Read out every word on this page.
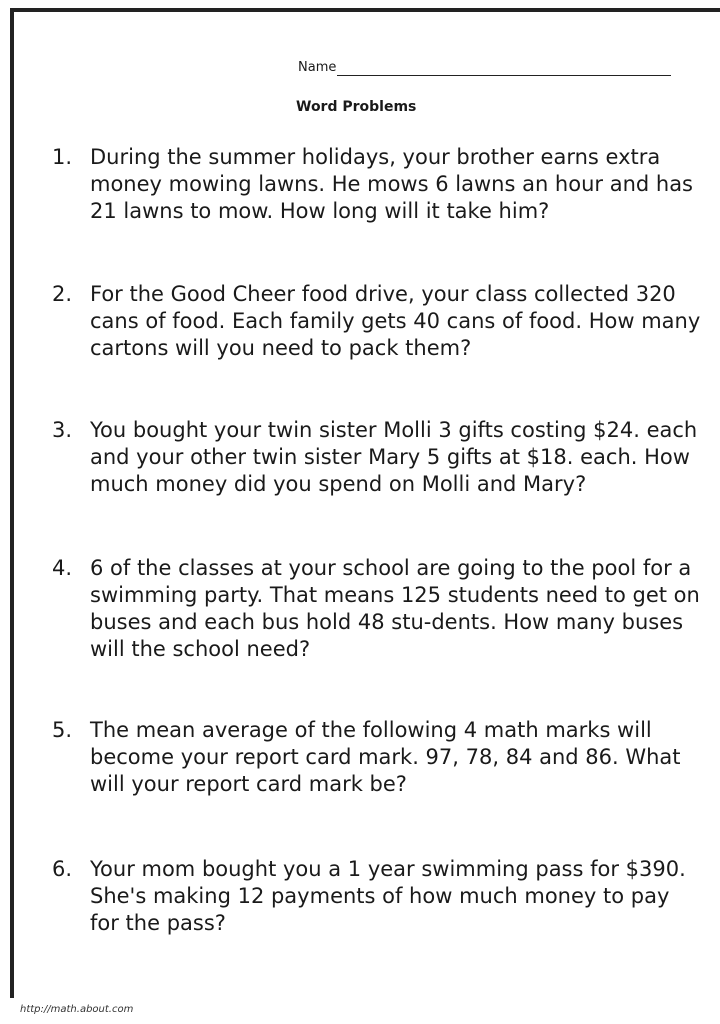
Name
Word Problems
1. During the summer holidays, your brother earns extra money mowing lawns. He mows 6 lawns an hour and has 21 lawns to mow. How long will it take him?
2. For the Good Cheer food drive, your class collected 320 cans of food. Each family gets 40 cans of food. How many cartons will you need to pack them?
3. You bought your twin sister Molli 3 gifts costing $24. each and your other twin sister Mary 5 gifts at $18. each. How much money did you spend on Molli and Mary?
4. 6 of the classes at your school are going to the pool for a swimming party. That means 125 students need to get on buses and each bus hold 48 stu-dents. How many buses will the school need?
5. The mean average of the following 4 math marks will become your report card mark. 97, 78, 84 and 86. What will your report card mark be?
6. Your mom bought you a 1 year swimming pass for $390. She's making 12 payments of how much money to pay for the pass?
http://math.about.com
